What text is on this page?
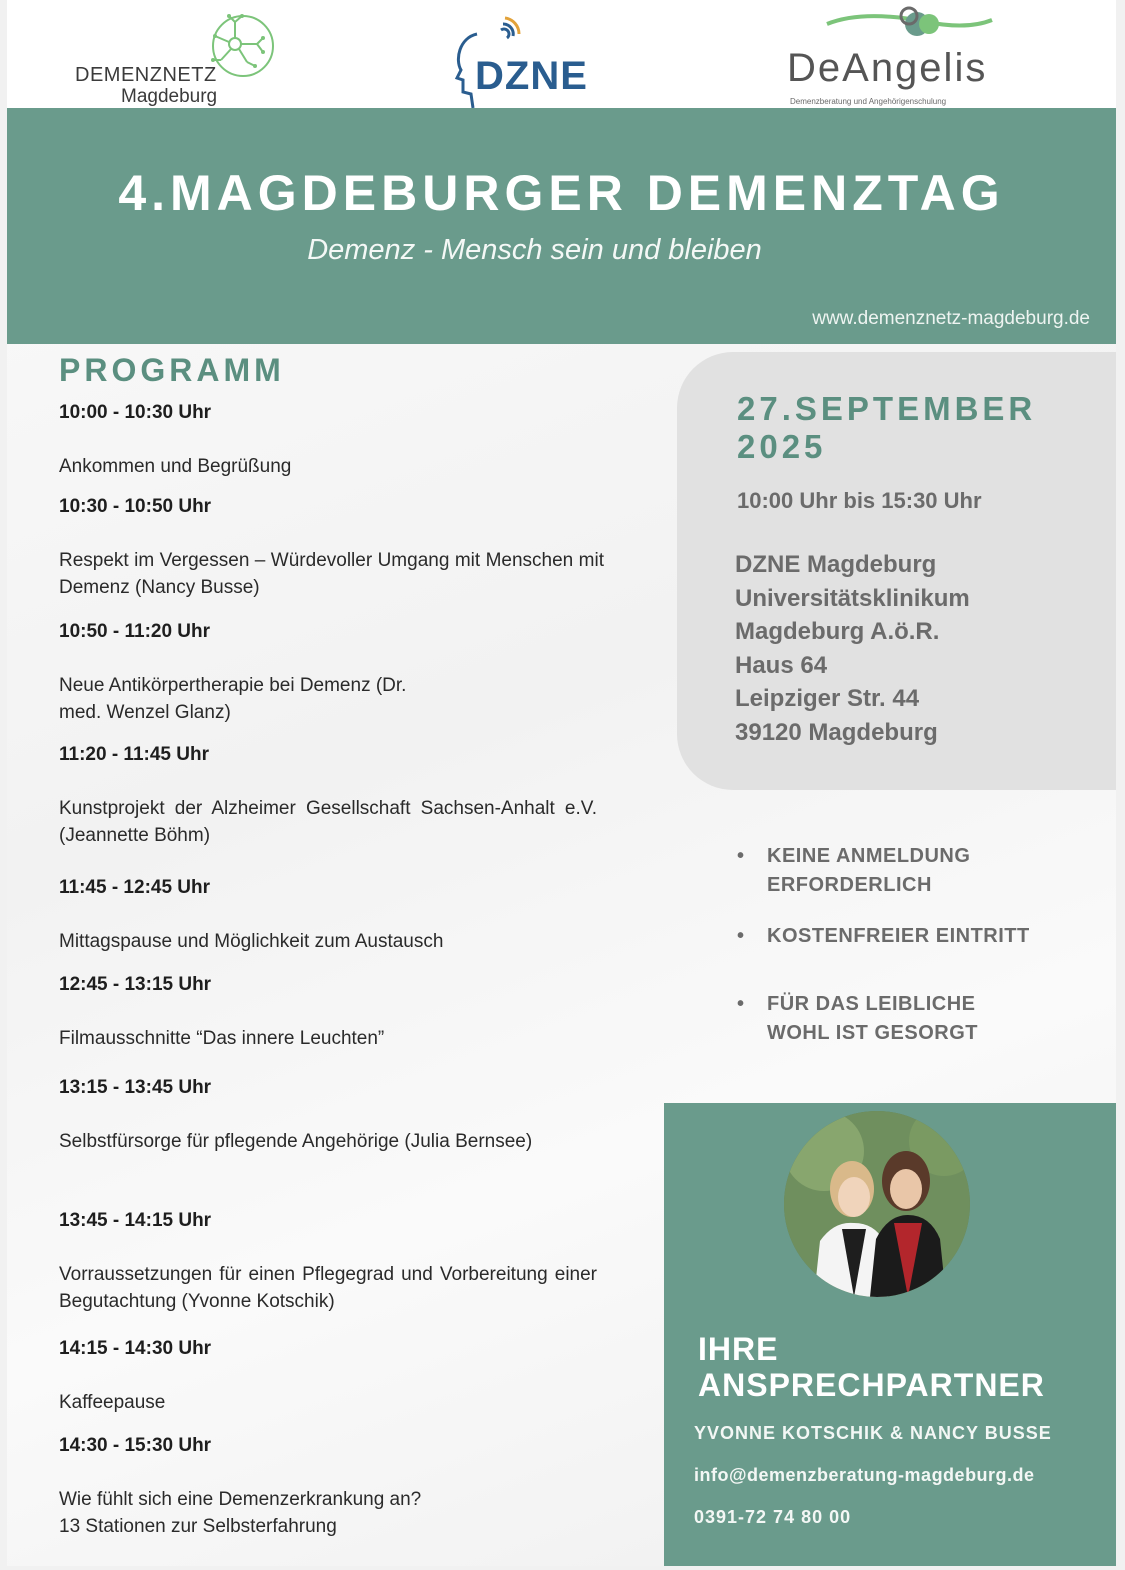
DEMENZNETZ
Magdeburg	DZNE	DeAngelis
Demenzberatung und Angehörigenschulung
4.MAGDEBURGER DEMENZTAG
Demenz - Mensch sein und bleiben
www.demenznetz-magdeburg.de
PROGRAMM
10:00 - 10:30 Uhr
Ankommen und Begrüßung
10:30 - 10:50 Uhr
Respekt im Vergessen – Würdevoller Umgang mit Menschen mit Demenz (Nancy Busse)
10:50 - 11:20 Uhr
Neue Antikörpertherapie bei Demenz (Dr. med. Wenzel Glanz)
11:20 - 11:45 Uhr
Kunstprojekt der Alzheimer Gesellschaft Sachsen-Anhalt e.V. (Jeannette Böhm)
11:45 - 12:45 Uhr
Mittagspause und Möglichkeit zum Austausch
12:45 - 13:15 Uhr
Filmausschnitte “Das innere Leuchten”
13:15 - 13:45 Uhr
Selbstfürsorge für pflegende Angehörige (Julia Bernsee)
13:45 - 14:15 Uhr
Vorraussetzungen für einen Pflegegrad und Vorbereitung einer Begutachtung (Yvonne Kotschik)
14:15 - 14:30 Uhr
Kaffeepause
14:30 - 15:30 Uhr
Wie fühlt sich eine Demenzerkrankung an?
13 Stationen zur Selbsterfahrung
27.SEPTEMBER 2025
10:00 Uhr bis 15:30 Uhr
DZNE Magdeburg
Universitätsklinikum
Magdeburg A.ö.R.
Haus 64
Leipziger Str. 44
39120 Magdeburg
•	KEINE ANMELDUNG ERFORDERLICH
•	KOSTENFREIER EINTRITT
•	FÜR DAS LEIBLICHE WOHL IST GESORGT
IHRE ANSPRECHPARTNER
YVONNE KOTSCHIK & NANCY BUSSE
info@demenzberatung-magdeburg.de
0391-72 74 80 00
